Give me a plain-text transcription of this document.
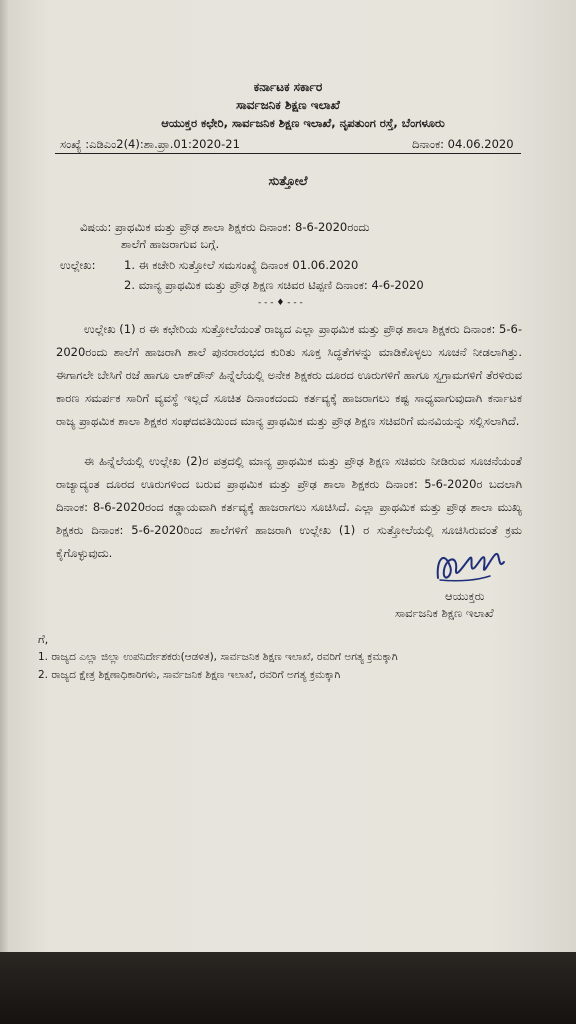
ಕರ್ನಾಟಕ ಸರ್ಕಾರ
ಸಾರ್ವಜನಿಕ ಶಿಕ್ಷಣ ಇಲಾಖೆ
ಆಯುಕ್ತರ ಕಛೇರಿ, ಸಾರ್ವಜನಿಕ ಶಿಕ್ಷಣ ಇಲಾಖೆ, ನೃಪತುಂಗ ರಸ್ತೆ, ಬೆಂಗಳೂರು
ಸಂಖ್ಯೆ :ಎಡಿಎಂ2(4):ಶಾ.ಪ್ರಾ.01:2020-21	ದಿನಾಂಕ: 04.06.2020
ಸುತ್ತೋಲೆ
ವಿಷಯ: ಪ್ರಾಥಮಿಕ ಮತ್ತು ಪ್ರೌಢ ಶಾಲಾ ಶಿಕ್ಷಕರು ದಿನಾಂಕ: 8-6-2020ರಂದು
ಶಾಲೆಗೆ ಹಾಜರಾಗುವ ಬಗ್ಗೆ.
ಉಲ್ಲೇಖ: 1. ಈ ಕಚೇರಿ ಸುತ್ತೋಲೆ ಸಮಸಂಖ್ಯೆ ದಿನಾಂಕ 01.06.2020
2. ಮಾನ್ಯ ಪ್ರಾಥಮಿಕ ಮತ್ತು ಪ್ರೌಢ ಶಿಕ್ಷಣ ಸಚಿವರ ಟಿಪ್ಪಣಿ ದಿನಾಂಕ: 4-6-2020
- - - ♦ - - -
ಉಲ್ಲೇಖ (1) ರ ಈ ಕಛೇರಿಯ ಸುತ್ತೋಲೆಯಂತೆ ರಾಜ್ಯದ ಎಲ್ಲಾ ಪ್ರಾಥಮಿಕ ಮತ್ತು ಪ್ರೌಢ ಶಾಲಾ ಶಿಕ್ಷಕರು ದಿನಾಂಕ: 5-6-2020ರಂದು ಶಾಲೆಗೆ ಹಾಜರಾಗಿ ಶಾಲೆ ಪುನರಾರಂಭದ ಕುರಿತು ಸೂಕ್ತ ಸಿದ್ಧತೆಗಳನ್ನು ಮಾಡಿಕೊಳ್ಳಲು ಸೂಚನೆ ನೀಡಲಾಗಿತ್ತು. ಈಗಾಗಲೇ ಬೇಸಿಗೆ ರಜೆ ಹಾಗೂ ಲಾಕ್‌ಡೌನ್ ಹಿನ್ನೆಲೆಯಲ್ಲಿ ಅನೇಕ ಶಿಕ್ಷಕರು ದೂರದ ಊರುಗಳಿಗೆ ಹಾಗೂ ಸ್ವಗ್ರಾಮಗಳಿಗೆ ತೆರಳಿರುವ ಕಾರಣ ಸಮರ್ಪಕ ಸಾರಿಗೆ ವ್ಯವಸ್ಥೆ ಇಲ್ಲದೆ ಸೂಚಿತ ದಿನಾಂಕದಂದು ಕರ್ತವ್ಯಕ್ಕೆ ಹಾಜರಾಗಲು ಕಷ್ಟ ಸಾಧ್ಯವಾಗುವುದಾಗಿ ಕರ್ನಾಟಕ ರಾಜ್ಯ ಪ್ರಾಥಮಿಕ ಶಾಲಾ ಶಿಕ್ಷಕರ ಸಂಘದವತಿಯಿಂದ ಮಾನ್ಯ ಪ್ರಾಥಮಿಕ ಮತ್ತು ಪ್ರೌಢ ಶಿಕ್ಷಣ ಸಚಿವರಿಗೆ ಮನವಿಯನ್ನು ಸಲ್ಲಿಸಲಾಗಿದೆ.
ಈ ಹಿನ್ನೆಲೆಯಲ್ಲಿ ಉಲ್ಲೇಖ (2)ರ ಪತ್ರದಲ್ಲಿ ಮಾನ್ಯ ಪ್ರಾಥಮಿಕ ಮತ್ತು ಪ್ರೌಢ ಶಿಕ್ಷಣ ಸಚಿವರು ನೀಡಿರುವ ಸೂಚನೆಯಂತೆ ರಾಜ್ಯಾದ್ಯಂತ ದೂರದ ಊರುಗಳಿಂದ ಬರುವ ಪ್ರಾಥಮಿಕ ಮತ್ತು ಪ್ರೌಢ ಶಾಲಾ ಶಿಕ್ಷಕರು ದಿನಾಂಕ: 5-6-2020ರ ಬದಲಾಗಿ ದಿನಾಂಕ: 8-6-2020ರಂದ ಕಡ್ಡಾಯವಾಗಿ ಕರ್ತವ್ಯಕ್ಕೆ ಹಾಜರಾಗಲು ಸೂಚಿಸಿದೆ. ಎಲ್ಲಾ ಪ್ರಾಥಮಿಕ ಮತ್ತು ಪ್ರೌಢ ಶಾಲಾ ಮುಖ್ಯ ಶಿಕ್ಷಕರು ದಿನಾಂಕ: 5-6-2020ರಿಂದ ಶಾಲೆಗಳಿಗೆ ಹಾಜರಾಗಿ ಉಲ್ಲೇಖ (1) ರ ಸುತ್ತೋಲೆಯಲ್ಲಿ ಸೂಚಿಸಿರುವಂತೆ ಕ್ರಮ ಕೈಗೊಳ್ಳುವುದು.
ಆಯುಕ್ತರು
ಸಾರ್ವಜನಿಕ ಶಿಕ್ಷಣ ಇಲಾಖೆ
ಗೆ,
1. ರಾಜ್ಯದ ಎಲ್ಲಾ ಜಿಲ್ಲಾ ಉಪನಿರ್ದೇಶಕರು(ಆಡಳಿತ), ಸಾರ್ವಜನಿಕ ಶಿಕ್ಷಣ ಇಲಾಖೆ, ರವರಿಗೆ ಅಗತ್ಯ ಕ್ರಮಕ್ಕಾಗಿ
2. ರಾಜ್ಯದ ಕ್ಷೇತ್ರ ಶಿಕ್ಷಣಾಧಿಕಾರಿಗಳು, ಸಾರ್ವಜನಿಕ ಶಿಕ್ಷಣ ಇಲಾಖೆ, ರವರಿಗೆ ಅಗತ್ಯ ಕ್ರಮಕ್ಕಾಗಿ
